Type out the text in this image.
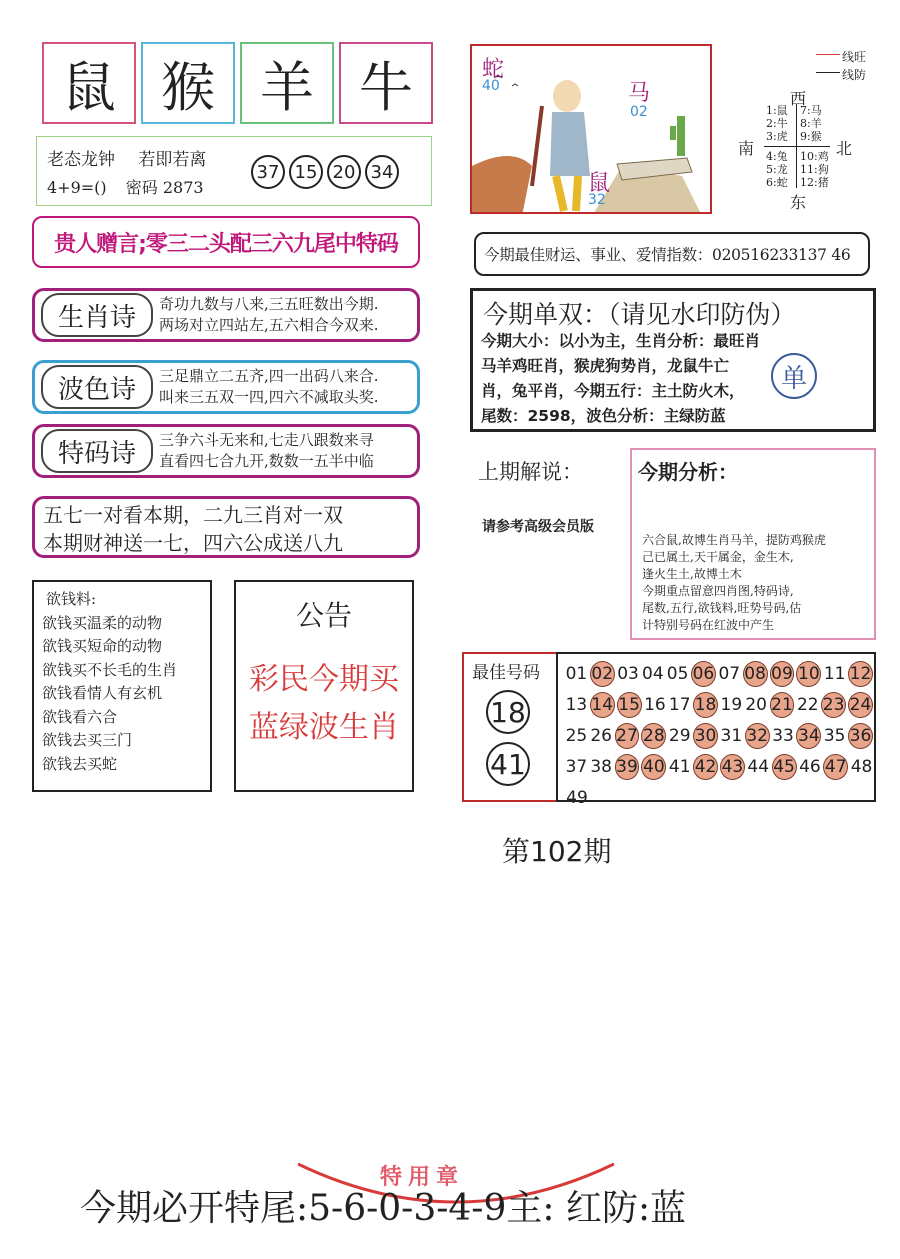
鼠 猴 羊 牛
老态龙钟 若即若离
4+9=() 密码 2873
37 15 20 34
贵人赠言;零三二头配三六九尾中特码
生肖诗	奇功九数与八来,三五旺数出今期.
两场对立四站左,五六相合今双来.
波色诗	三足鼎立二五齐,四一出码八来合.
叫来三五双一四,四六不减取头奖.
特码诗	三争六斗无来和,七走八跟数来寻
直看四七合九开,数数一五半中临
五七一对看本期，二九三肖对一双
本期财神送一七，四六公成送八九
欲钱料:
欲钱买温柔的动物
欲钱买短命的动物
欲钱买不长毛的生肖
欲钱看情人有玄机
欲钱看六合
欲钱去买三门
欲钱去买蛇
公告
彩民今期买
蓝绿波生肖
蛇
40	马
02
鼠
32
线旺
线防
西
南	北
东
1:鼠
2:牛
3:虎
7:马
8:羊
9:猴
4:兔
5:龙
6:蛇
10:鸡
11:狗
12:猪
今期最佳财运、事业、爱情指数：020516233137 46
今期单双：（请见水印防伪）
今期大小：以小为主，生肖分析：最旺肖
马羊鸡旺肖，猴虎狗势肖，龙鼠牛亡
肖，兔平肖，今期五行：主土防火木，
尾数：2598，波色分析：主绿防蓝
单
上期解说：
请参考高级会员版
今期分析：
六合鼠,故博生肖马羊，提防鸡猴虎
己已属土,天干属金，金生木,
逢火生土,故博土木
今期重点留意四肖图,特码诗,
尾数,五行,欲钱料,旺势号码,估
计特别号码在红波中产生
最佳号码
18
41
01 02 03 04 05 06 07 08 09 10 11 12
13 14 15 16 17 18 19 20 21 22 23 24
25 26 27 28 29 30 31 32 33 34 35 36
37 38 39 40 41 42 43 44 45 46 47 48
49
第102期
特用章
今期必开特尾:5-6-0-3-4-9主: 红防:蓝
